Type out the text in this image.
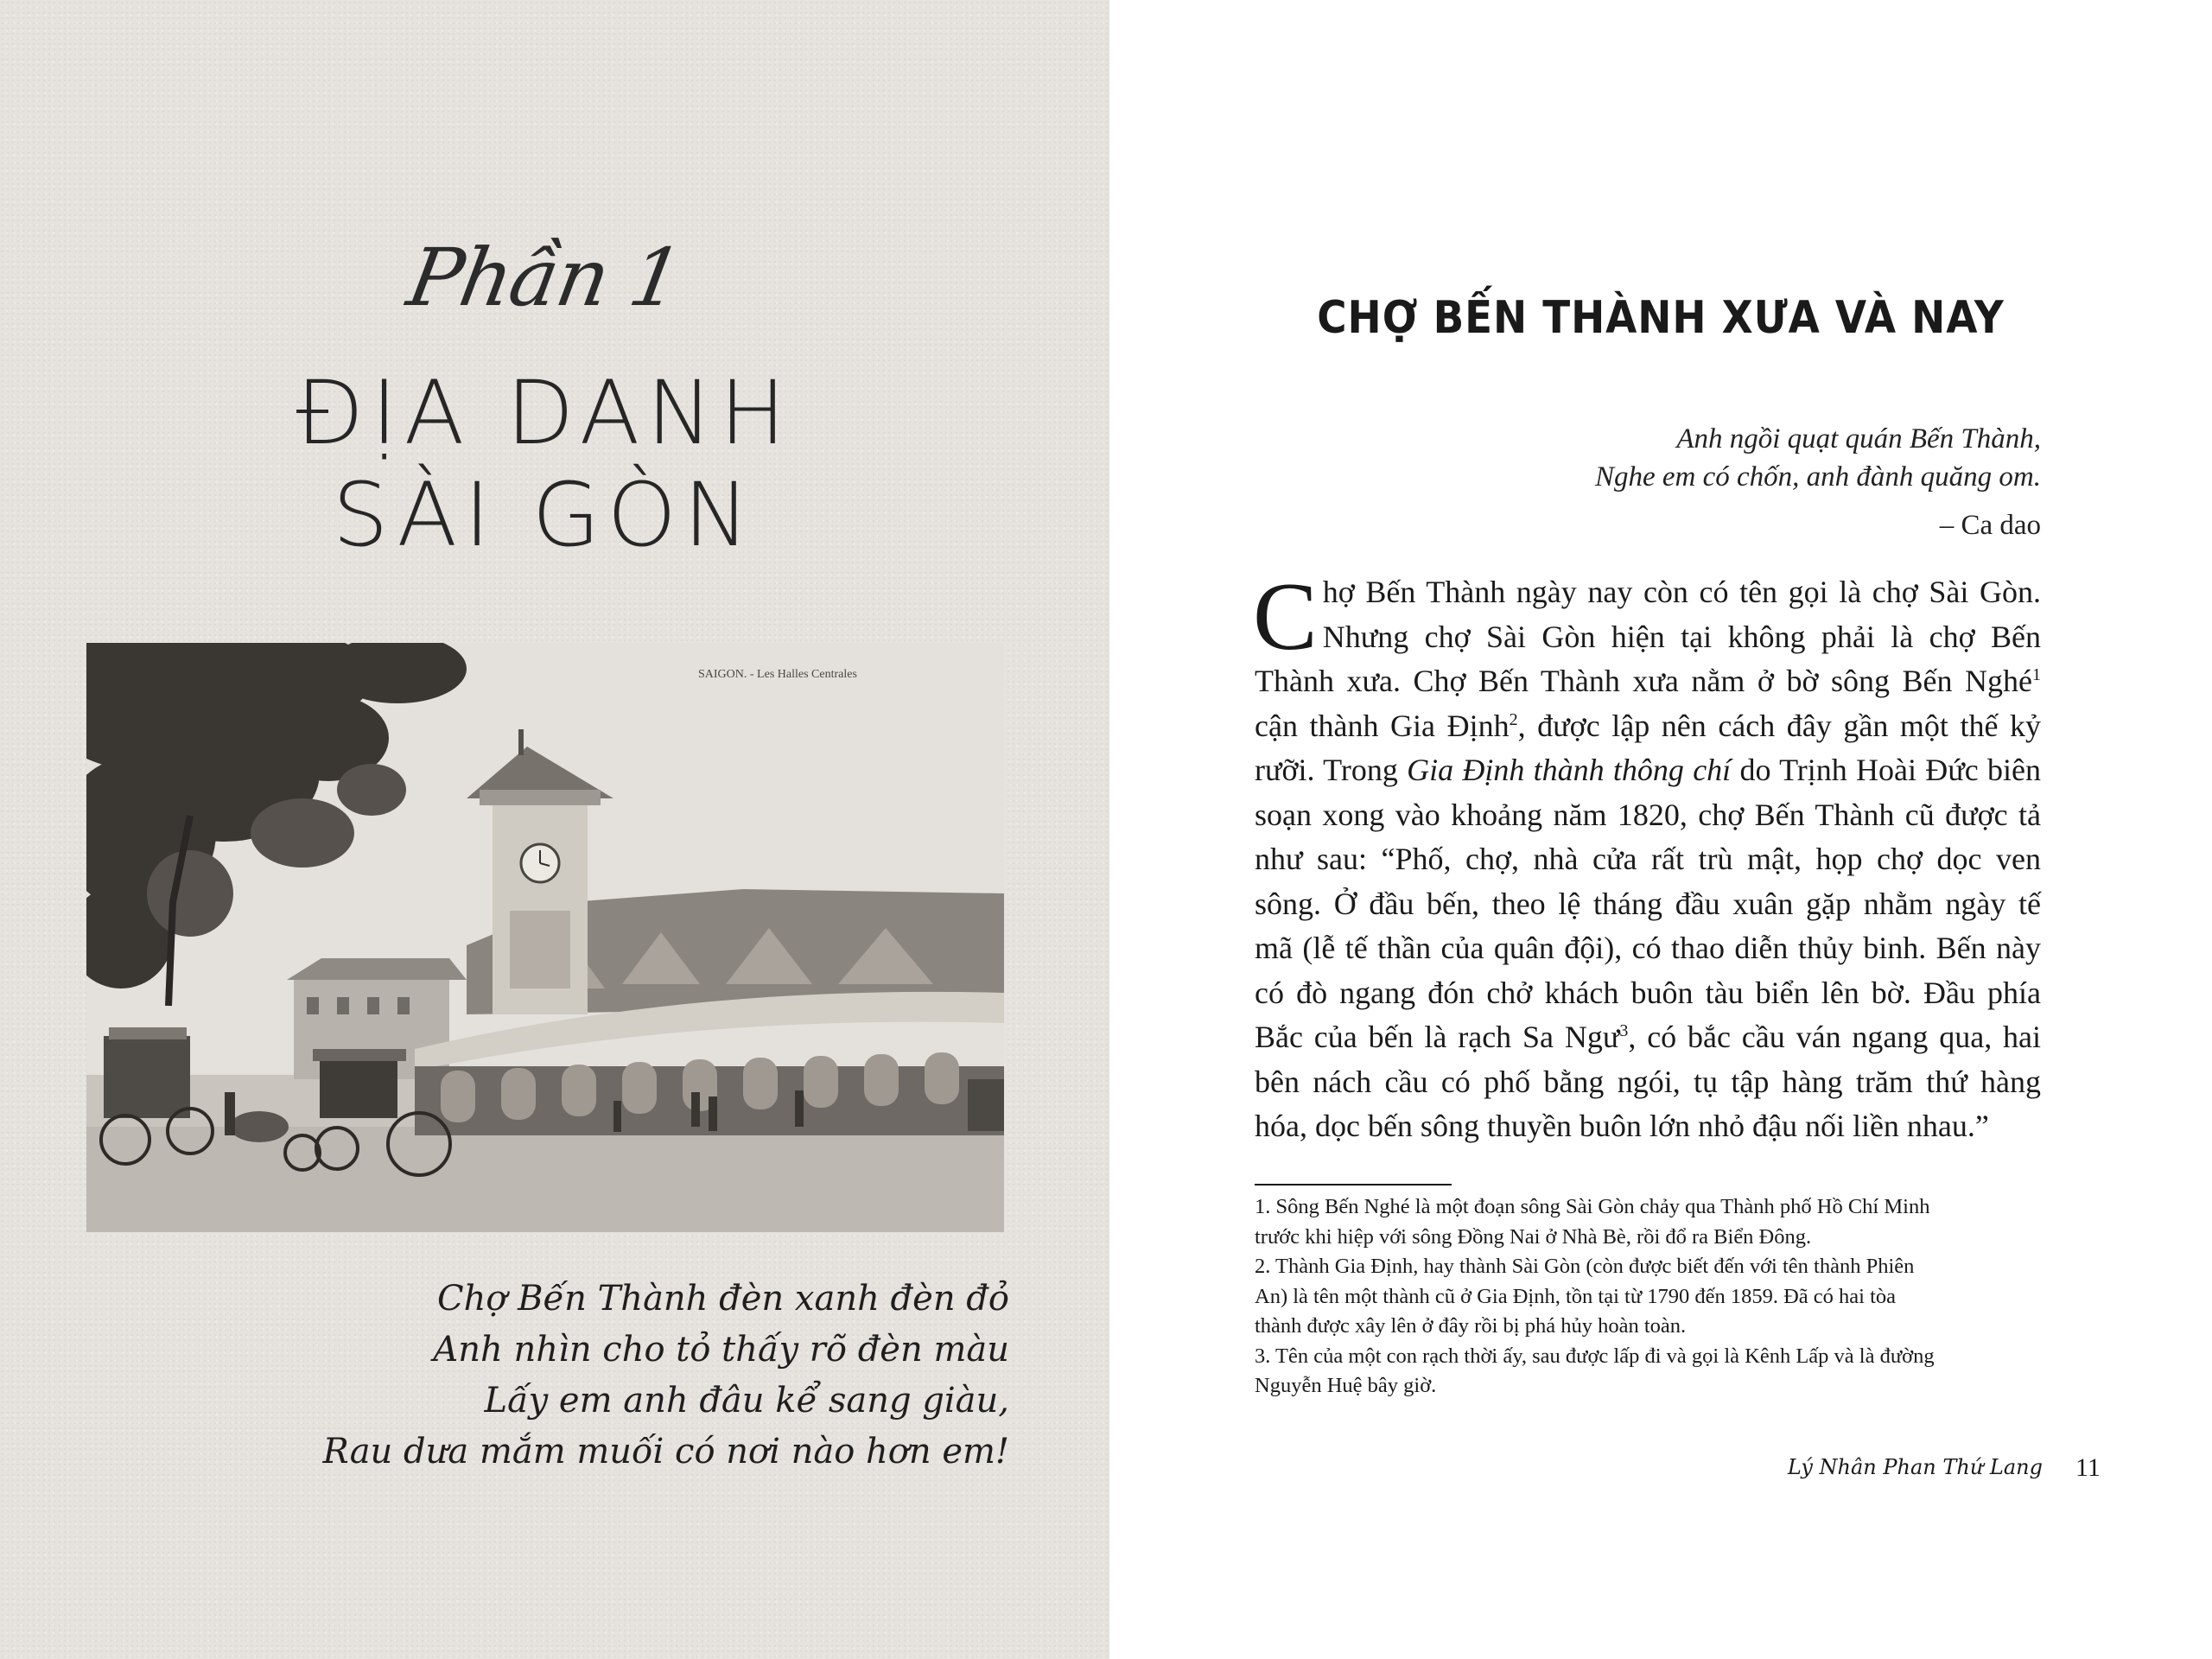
Phần 1
ĐỊA DANH
SÀI GÒN
SAIGON. - Les Halles Centrales
Chợ Bến Thành đèn xanh đèn đỏ
Anh nhìn cho tỏ thấy rõ đèn màu
Lấy em anh đâu kể sang giàu,
Rau dưa mắm muối có nơi nào hơn em!
CHỢ BẾN THÀNH XƯA VÀ NAY
Anh ngồi quạt quán Bến Thành,
Nghe em có chốn, anh đành quăng om.
– Ca dao
C hợ Bến Thành ngày nay còn có tên gọi là chợ Sài Gòn.
Nhưng chợ Sài Gòn hiện tại không phải là chợ Bến
Thành xưa. Chợ Bến Thành xưa nằm ở bờ sông Bến Nghé$^1$
cận thành Gia Định$^2$, được lập nên cách đây gần một thế kỷ
rưỡi. Trong Gia Định thành thông chí do Trịnh Hoài Đức biên
soạn xong vào khoảng năm 1820, chợ Bến Thành cũ được tả
như sau: “Phố, chợ, nhà cửa rất trù mật, họp chợ dọc ven
sông. Ở đầu bến, theo lệ tháng đầu xuân gặp nhằm ngày tế
mã (lễ tế thần của quân đội), có thao diễn thủy binh. Bến này
có đò ngang đón chở khách buôn tàu biển lên bờ. Đầu phía
Bắc của bến là rạch Sa Ngư$^3$, có bắc cầu ván ngang qua, hai
bên nách cầu có phố bằng ngói, tụ tập hàng trăm thứ hàng
hóa, dọc bến sông thuyền buôn lớn nhỏ đậu nối liền nhau.”
1. Sông Bến Nghé là một đoạn sông Sài Gòn chảy qua Thành phố Hồ Chí Minh
trước khi hiệp với sông Đồng Nai ở Nhà Bè, rồi đổ ra Biển Đông.
2. Thành Gia Định, hay thành Sài Gòn (còn được biết đến với tên thành Phiên
An) là tên một thành cũ ở Gia Định, tồn tại từ 1790 đến 1859. Đã có hai tòa
thành được xây lên ở đây rồi bị phá hủy hoàn toàn.
3. Tên của một con rạch thời ấy, sau được lấp đi và gọi là Kênh Lấp và là đường
Nguyễn Huệ bây giờ.
Lý Nhân Phan Thứ Lang 11
